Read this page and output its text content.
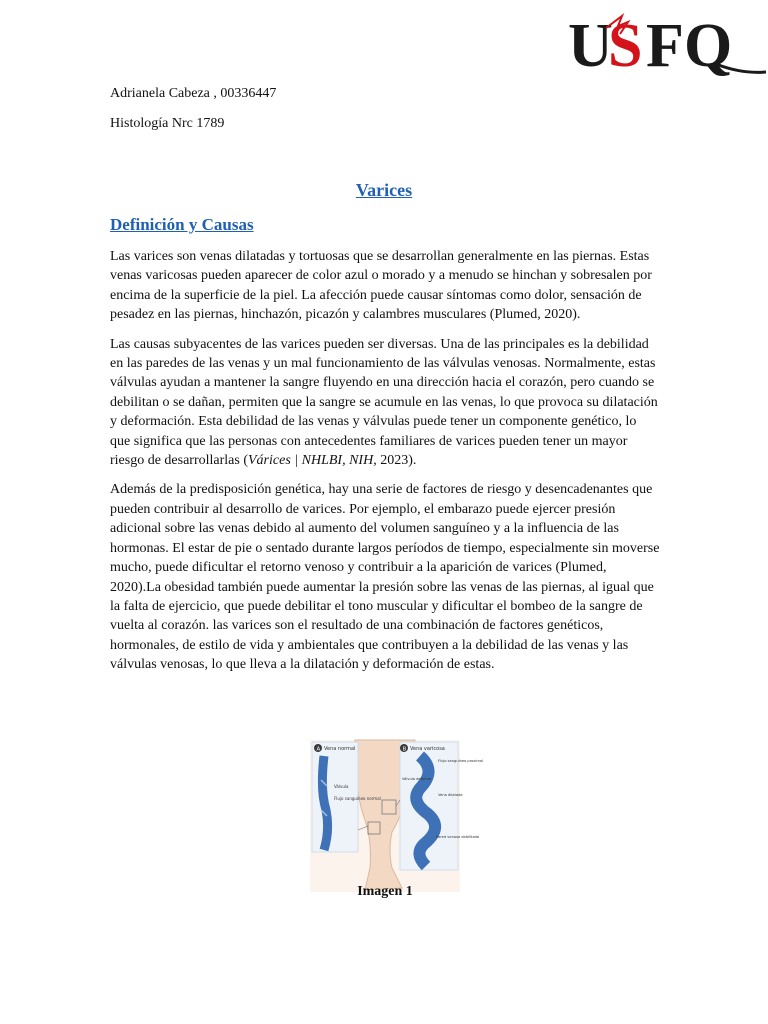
U
S F Q
Adrianela Cabeza , 00336447
Histología Nrc 1789
Varices
Definición y Causas

Las varices son venas dilatadas y tortuosas que se desarrollan generalmente en las piernas. Estas venas varicosas pueden aparecer de color azul o morado y a menudo se hinchan y sobresalen por encima de la superficie de la piel. La afección puede causar síntomas como dolor, sensación de pesadez en las piernas, hinchazón, picazón y calambres musculares (Plumed, 2020).

Las causas subyacentes de las varices pueden ser diversas. Una de las principales es la debilidad en las paredes de las venas y un mal funcionamiento de las válvulas venosas. Normalmente, estas válvulas ayudan a mantener la sangre fluyendo en una dirección hacia el corazón, pero cuando se debilitan o se dañan, permiten que la sangre se acumule en las venas, lo que provoca su dilatación y deformación. Esta debilidad de las venas y válvulas puede tener un componente genético, lo que significa que las personas con antecedentes familiares de varices pueden tener un mayor riesgo de desarrollarlas (Várices | NHLBI, NIH, 2023).

Además de la predisposición genética, hay una serie de factores de riesgo y desencadenantes que pueden contribuir al desarrollo de varices. Por ejemplo, el embarazo puede ejercer presión adicional sobre las venas debido al aumento del volumen sanguíneo y a la influencia de las hormonas. El estar de pie o sentado durante largos períodos de tiempo, especialmente sin moverse mucho, puede dificultar el retorno venoso y contribuir a la aparición de varices (Plumed, 2020).La obesidad también puede aumentar la presión sobre las venas de las piernas, al igual que la falta de ejercicio, que puede debilitar el tono muscular y dificultar el bombeo de la sangre de vuelta al corazón. las varices son el resultado de una combinación de factores genéticos, hormonales, de estilo de vida y ambientales que contribuyen a la debilidad de las venas y las válvulas venosas, lo que lleva a la dilatación y deformación de estas.

A Vena normal
Válvula
Flujo sanguíneo normal
B Vena varicosa
Flujo sanguíneo proximal
Válvula deforme
Vena dilatada
Pared venosa debilitada
Imagen 1
